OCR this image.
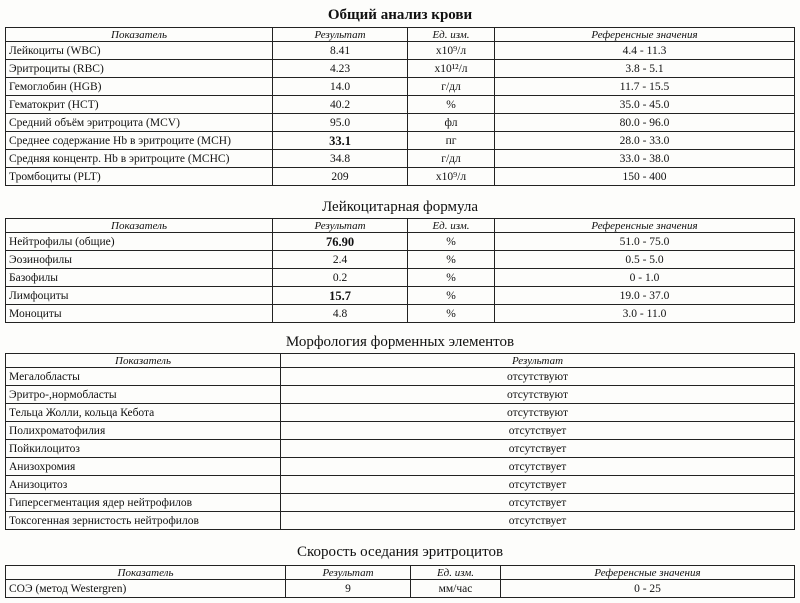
Общий анализ крови
Показатель	Результат	Ед. изм.	Референсные значения
Лейкоциты (WBC)	8.41	x10⁹/л	4.4 - 11.3
Эритроциты (RBC)	4.23	x10¹²/л	3.8 - 5.1
Гемоглобин (HGB)	14.0	г/дл	11.7 - 15.5
Гематокрит (HCT)	40.2	%	35.0 - 45.0
Средний объём эритроцита (MCV)	95.0	фл	80.0 - 96.0
Среднее содержание Hb в эритроците (MCH)	33.1	пг	28.0 - 33.0
Средняя концентр. Hb в эритроците (MCHC)	34.8	г/дл	33.0 - 38.0
Тромбоциты (PLT)	209	x10⁹/л	150 - 400
Лейкоцитарная формула
Показатель	Результат	Ед. изм.	Референсные значения
Нейтрофилы (общие)	76.90	%	51.0 - 75.0
Эозинофилы	2.4	%	0.5 - 5.0
Базофилы	0.2	%	0 - 1.0
Лимфоциты	15.7	%	19.0 - 37.0
Моноциты	4.8	%	3.0 - 11.0
Морфология форменных элементов
Показатель	Результат
Мегалобласты	отсутствуют
Эритро-,нормобласты	отсутствуют
Тельца Жолли, кольца Кебота	отсутствуют
Полихроматофилия	отсутствует
Пойкилоцитоз	отсутствует
Анизохромия	отсутствует
Анизоцитоз	отсутствует
Гиперсегментация ядер нейтрофилов	отсутствует
Токсогенная зернистость нейтрофилов	отсутствует
Скорость оседания эритроцитов
Показатель	Результат	Ед. изм.	Референсные значения
СОЭ (метод Westergren)	9	мм/час	0 - 25
